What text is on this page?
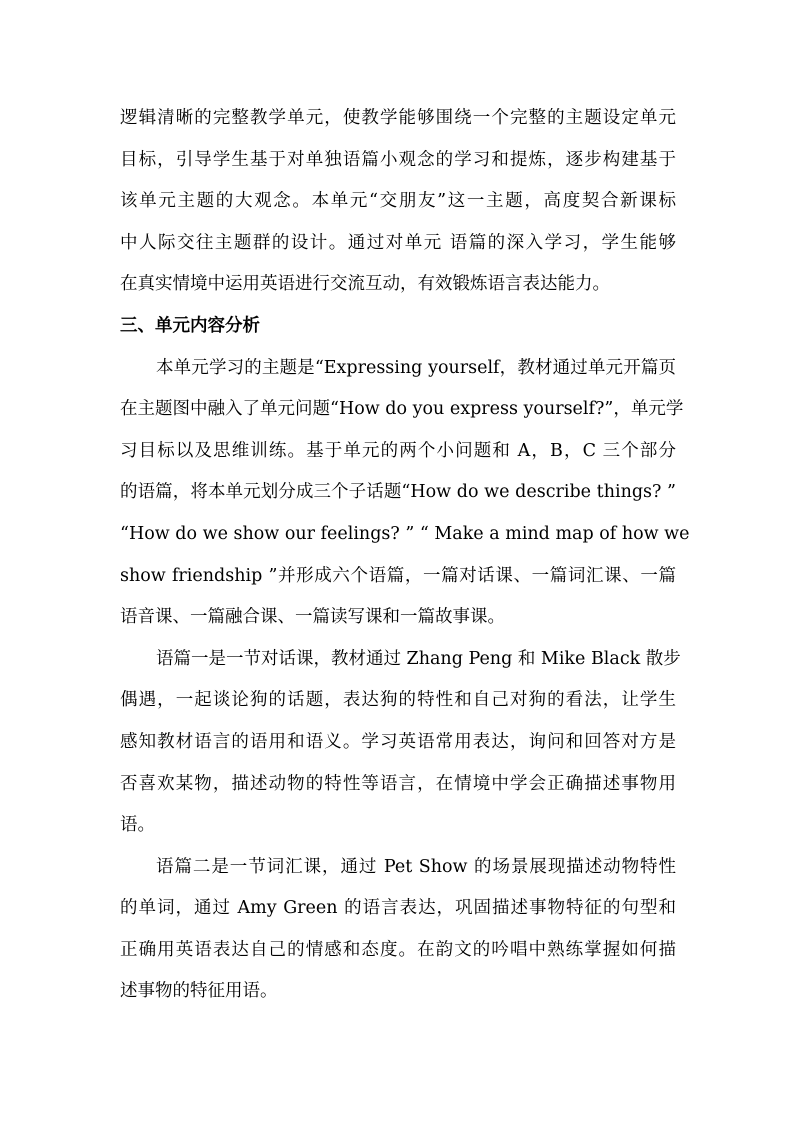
逻辑清晰的完整教学单元，使教学能够围绕一个完整的主题设定单元
目标，引导学生基于对单独语篇小观念的学习和提炼，逐步构建基于
该单元主题的大观念。本单元“交朋友”这一主题，高度契合新课标
中人际交往主题群的设计。通过对单元 语篇的深入学习，学生能够
在真实情境中运用英语进行交流互动，有效锻炼语言表达能力。
三、单元内容分析
本单元学习的主题是“Expressing yourself，教材通过单元开篇页
在主题图中融入了单元问题“How do you express yourself?”，单元学
习目标以及思维训练。基于单元的两个小问题和 A，B，C 三个部分
的语篇，将本单元划分成三个子话题“How do we describe things? ”
“How do we show our feelings? ” “ Make a mind map of how we
show friendship ”并形成六个语篇，一篇对话课、一篇词汇课、一篇
语音课、一篇融合课、一篇读写课和一篇故事课。
语篇一是一节对话课，教材通过 Zhang Peng 和 Mike Black 散步
偶遇，一起谈论狗的话题，表达狗的特性和自己对狗的看法，让学生
感知教材语言的语用和语义。学习英语常用表达，询问和回答对方是
否喜欢某物，描述动物的特性等语言，在情境中学会正确描述事物用
语。
语篇二是一节词汇课，通过 Pet Show 的场景展现描述动物特性
的单词，通过 Amy Green 的语言表达，巩固描述事物特征的句型和
正确用英语表达自己的情感和态度。在韵文的吟唱中熟练掌握如何描
述事物的特征用语。
